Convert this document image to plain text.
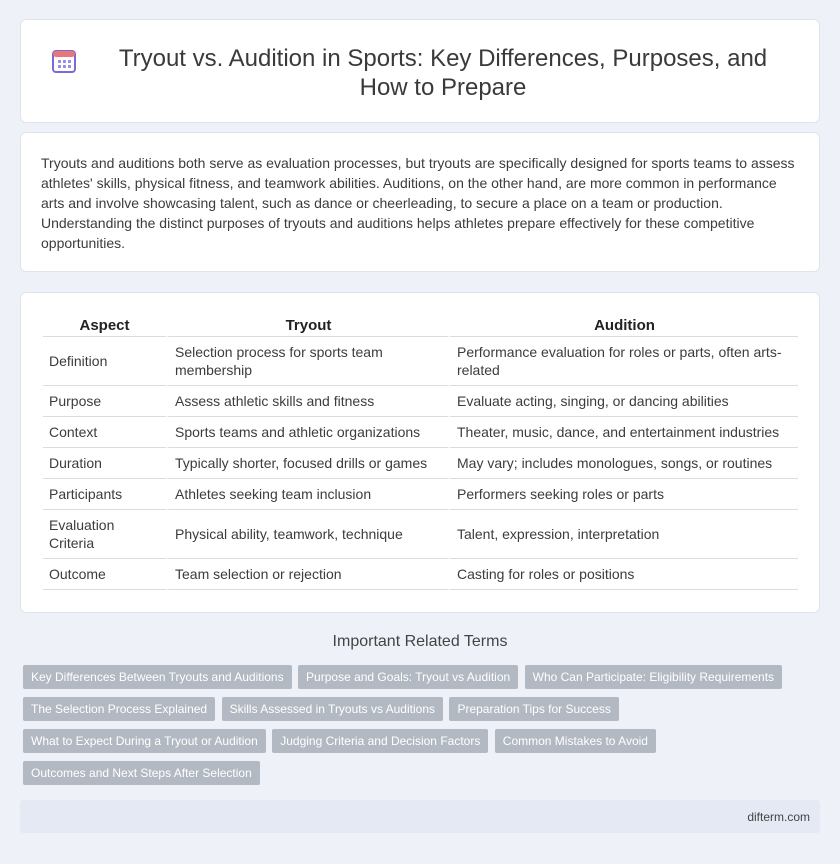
Tryout vs. Audition in Sports: Key Differences, Purposes, and How to Prepare

Tryouts and auditions both serve as evaluation processes, but tryouts are specifically designed for sports teams to assess athletes' skills, physical fitness, and teamwork abilities. Auditions, on the other hand, are more common in performance arts and involve showcasing talent, such as dance or cheerleading, to secure a place on a team or production. Understanding the distinct purposes of tryouts and auditions helps athletes prepare effectively for these competitive opportunities.

Aspect	Tryout	Audition
Definition	Selection process for sports team membership	Performance evaluation for roles or parts, often arts-related
Purpose	Assess athletic skills and fitness	Evaluate acting, singing, or dancing abilities
Context	Sports teams and athletic organizations	Theater, music, dance, and entertainment industries
Duration	Typically shorter, focused drills or games	May vary; includes monologues, songs, or routines
Participants	Athletes seeking team inclusion	Performers seeking roles or parts
Evaluation Criteria	Physical ability, teamwork, technique	Talent, expression, interpretation
Outcome	Team selection or rejection	Casting for roles or positions
Important Related Terms
Key Differences Between Tryouts and Auditions Purpose and Goals: Tryout vs Audition Who Can Participate: Eligibility Requirements
The Selection Process Explained Skills Assessed in Tryouts vs Auditions Preparation Tips for Success
What to Expect During a Tryout or Audition Judging Criteria and Decision Factors Common Mistakes to Avoid
Outcomes and Next Steps After Selection
difterm.com
